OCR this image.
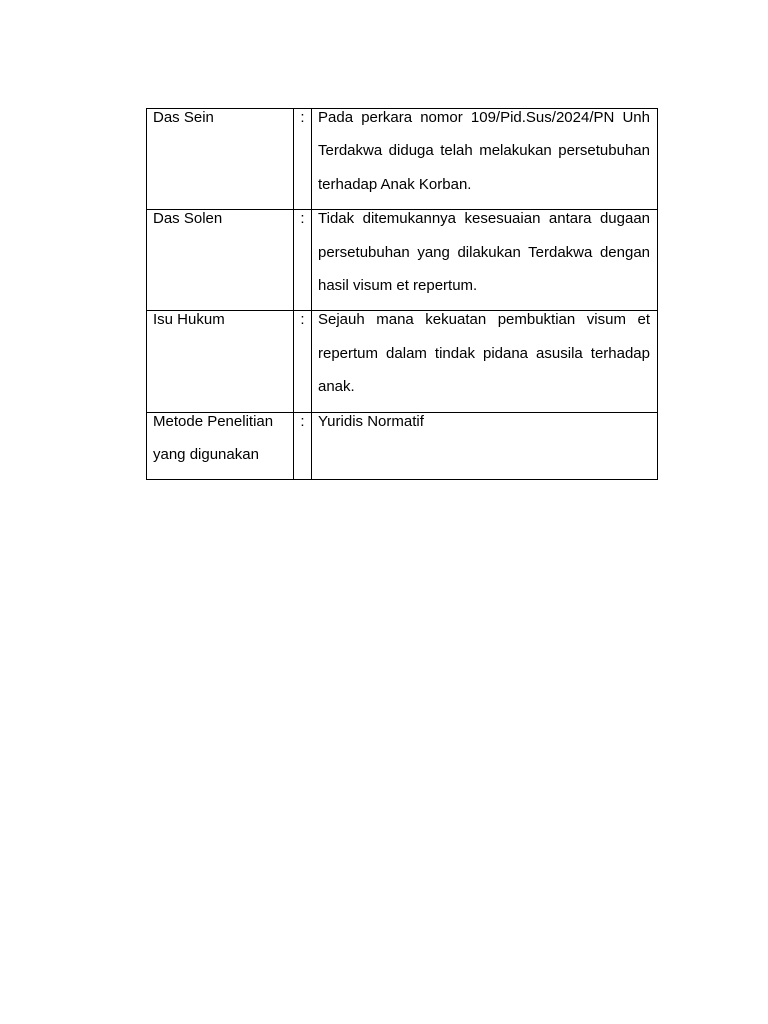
Das Sein	:	Pada perkara nomor 109/Pid.Sus/2024/PN Unh Terdakwa diduga telah melakukan persetubuhan terhadap Anak Korban.

Das Solen	:	Tidak ditemukannya kesesuaian antara dugaan persetubuhan yang dilakukan Terdakwa dengan hasil visum et repertum.

Isu Hukum	:	Sejauh mana kekuatan pembuktian visum et repertum dalam tindak pidana asusila terhadap anak.

Metode Penelitian yang digunakan	:	Yuridis Normatif
